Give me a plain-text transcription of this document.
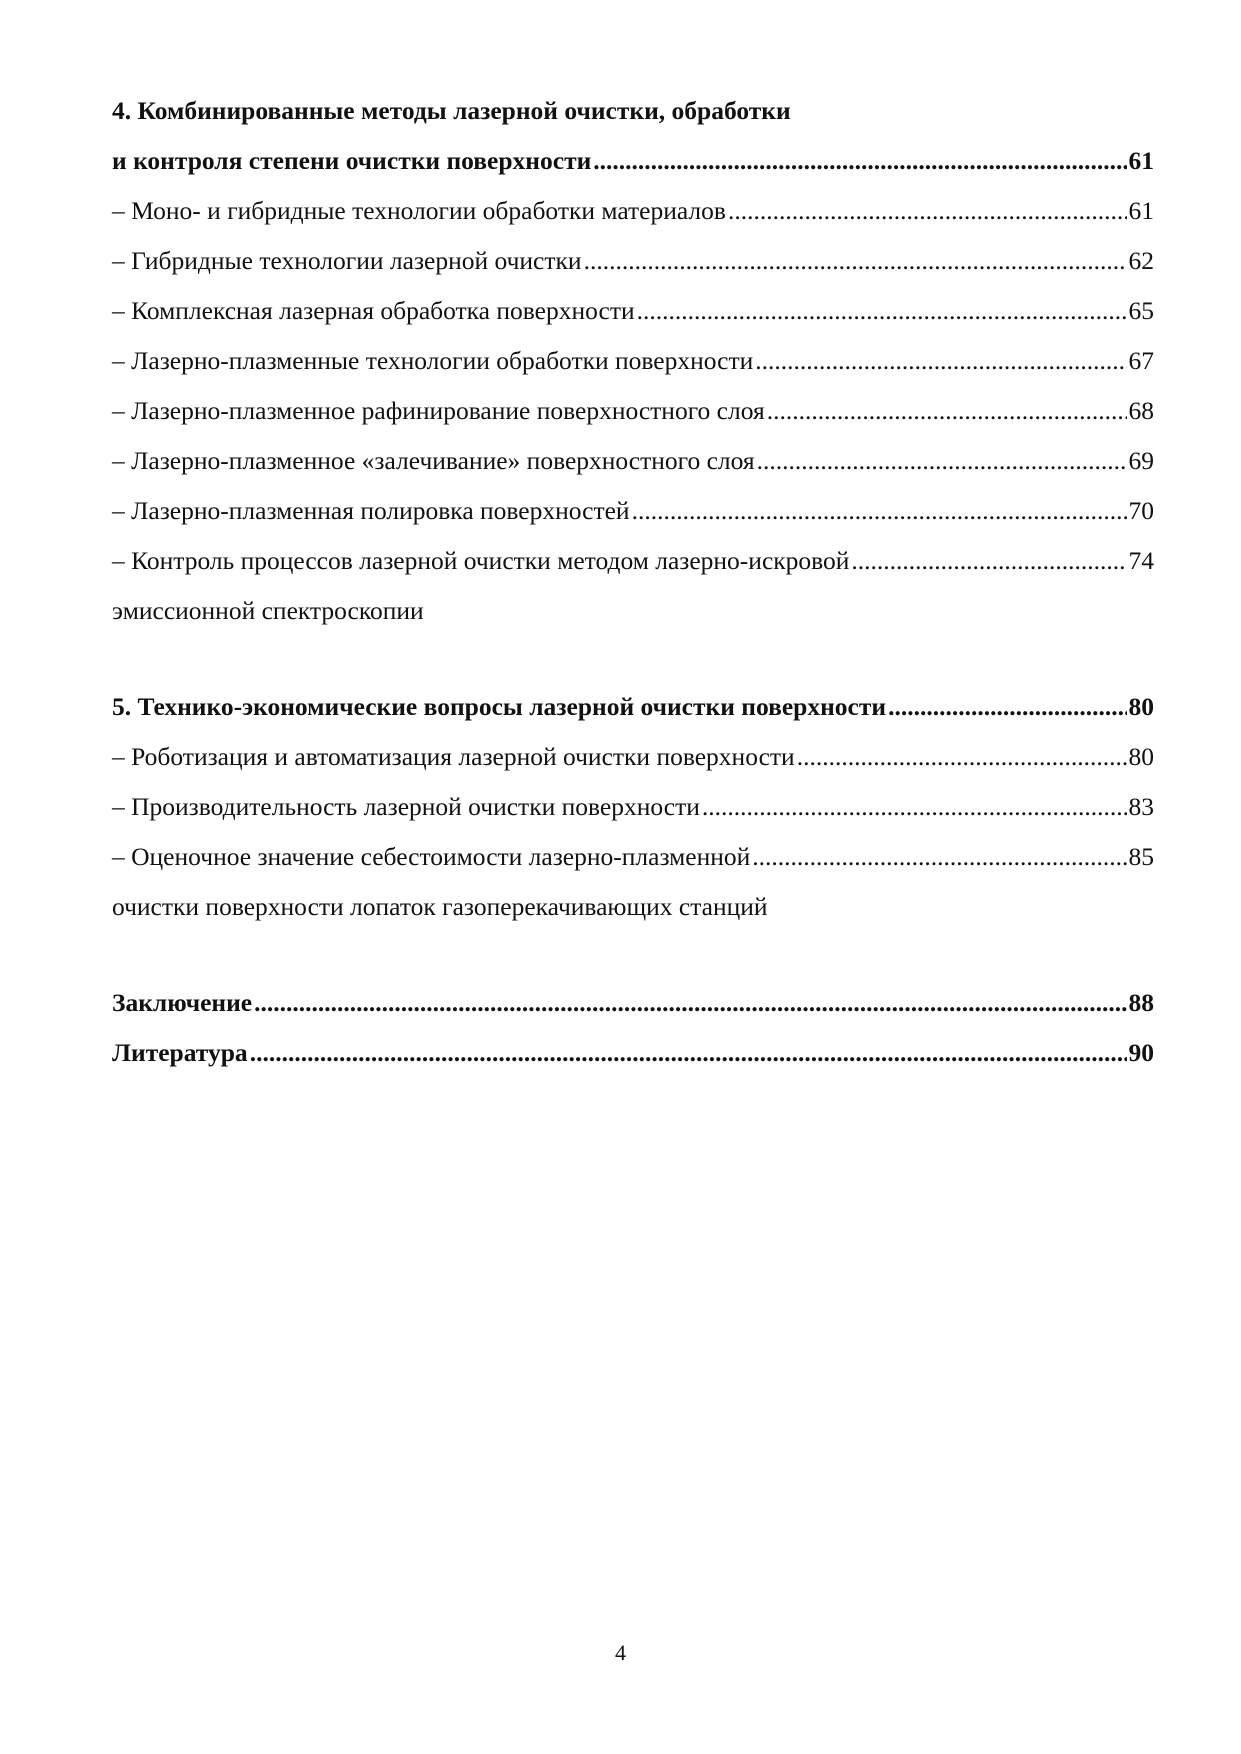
4. Комбинированные методы лазерной очистки, обработки
и контроля степени очистки поверхности .....	61
– Моно- и гибридные технологии обработки материалов .....	61
– Гибридные технологии лазерной очистки .....	62
– Комплексная лазерная обработка поверхности .....	65
– Лазерно-плазменные технологии обработки поверхности .....	67
– Лазерно-плазменное рафинирование поверхностного слоя .....	68
– Лазерно-плазменное «залечивание» поверхностного слоя .....	69
– Лазерно-плазменная полировка поверхностей .....	70
– Контроль процессов лазерной очистки методом лазерно-искровой .....	74
эмиссионной спектроскопии
5. Технико-экономические вопросы лазерной очистки поверхности .....	80
– Роботизация и автоматизация лазерной очистки поверхности .....	80
– Производительность лазерной очистки поверхности .....	83
– Оценочное значение себестоимости лазерно-плазменной .....	85
очистки поверхности лопаток газоперекачивающих станций
Заключение .....	88
Литература .....	90
4
